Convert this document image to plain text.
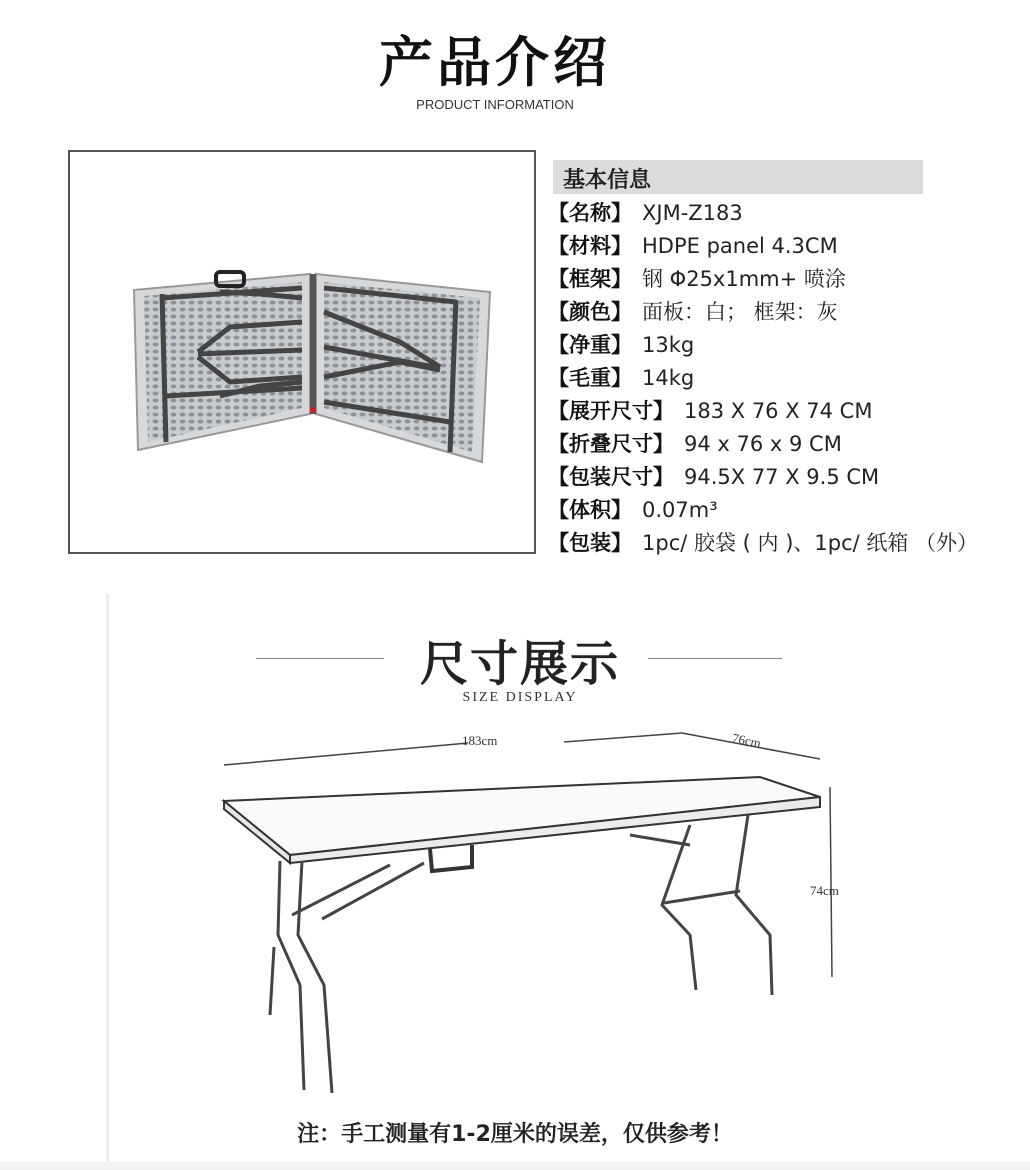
产品介绍
PRODUCT INFORMATION
基本信息
【名称】 XJM-Z183
【材料】 HDPE panel 4.3CM
【框架】 钢 Φ25x1mm+ 喷涂
【颜色】 面板：白； 框架：灰
【净重】13kg
【毛重】14kg
【展开尺寸】 183 X 76 X 74 CM
【折叠尺寸】94 x 76 x 9 CM
【包装尺寸】94.5X 77 X 9.5 CM
【体积】 0.07m³
【包装】 1pc/ 胶袋 ( 内 )、1pc/ 纸箱 （外）
尺寸展示
SIZE DISPLAY
183cm	76cm
74cm
注：手工测量有1-2厘米的误差，仅供参考！
